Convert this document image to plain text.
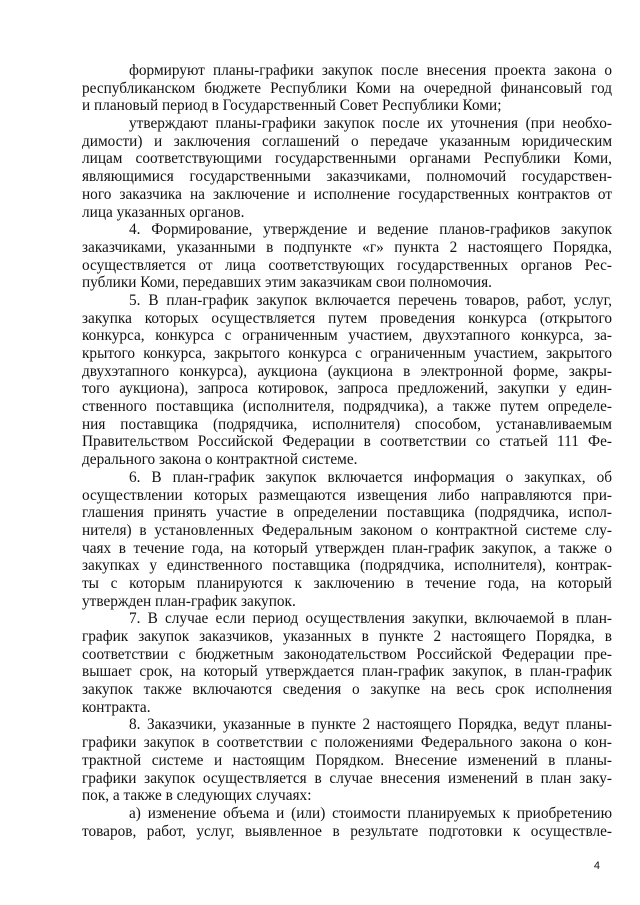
формируют планы-графики закупок после внесения проекта закона о
республиканском бюджете Республики Коми на очередной финансовый год
и плановый период в Государственный Совет Республики Коми;
утверждают планы-графики закупок после их уточнения (при необхо-
димости) и заключения соглашений о передаче указанным юридическим
лицам соответствующими государственными органами Республики Коми,
являющимися государственными заказчиками, полномочий государствен-
ного заказчика на заключение и исполнение государственных контрактов от
лица указанных органов.
4. Формирование, утверждение и ведение планов-графиков закупок
заказчиками, указанными в подпункте «г» пункта 2 настоящего Порядка,
осуществляется от лица соответствующих государственных органов Рес-
публики Коми, передавших этим заказчикам свои полномочия.
5. В план-график закупок включается перечень товаров, работ, услуг,
закупка которых осуществляется путем проведения конкурса (открытого
конкурса, конкурса с ограниченным участием, двухэтапного конкурса, за-
крытого конкурса, закрытого конкурса с ограниченным участием, закрытого
двухэтапного конкурса), аукциона (аукциона в электронной форме, закры-
того аукциона), запроса котировок, запроса предложений, закупки у един-
ственного поставщика (исполнителя, подрядчика), а также путем определе-
ния поставщика (подрядчика, исполнителя) способом, устанавливаемым
Правительством Российской Федерации в соответствии со статьей 111 Фе-
дерального закона о контрактной системе.
6. В план-график закупок включается информация о закупках, об
осуществлении которых размещаются извещения либо направляются при-
глашения принять участие в определении поставщика (подрядчика, испол-
нителя) в установленных Федеральным законом о контрактной системе слу-
чаях в течение года, на который утвержден план-график закупок, а также о
закупках у единственного поставщика (подрядчика, исполнителя), контрак-
ты с которым планируются к заключению в течение года, на который
утвержден план-график закупок.
7. В случае если период осуществления закупки, включаемой в план-
график закупок заказчиков, указанных в пункте 2 настоящего Порядка, в
соответствии с бюджетным законодательством Российской Федерации пре-
вышает срок, на который утверждается план-график закупок, в план-график
закупок также включаются сведения о закупке на весь срок исполнения
контракта.
8. Заказчики, указанные в пункте 2 настоящего Порядка, ведут планы-
графики закупок в соответствии с положениями Федерального закона о кон-
трактной системе и настоящим Порядком. Внесение изменений в планы-
графики закупок осуществляется в случае внесения изменений в план заку-
пок, а также в следующих случаях:
а) изменение объема и (или) стоимости планируемых к приобретению
товаров, работ, услуг, выявленное в результате подготовки к осуществле-
4
